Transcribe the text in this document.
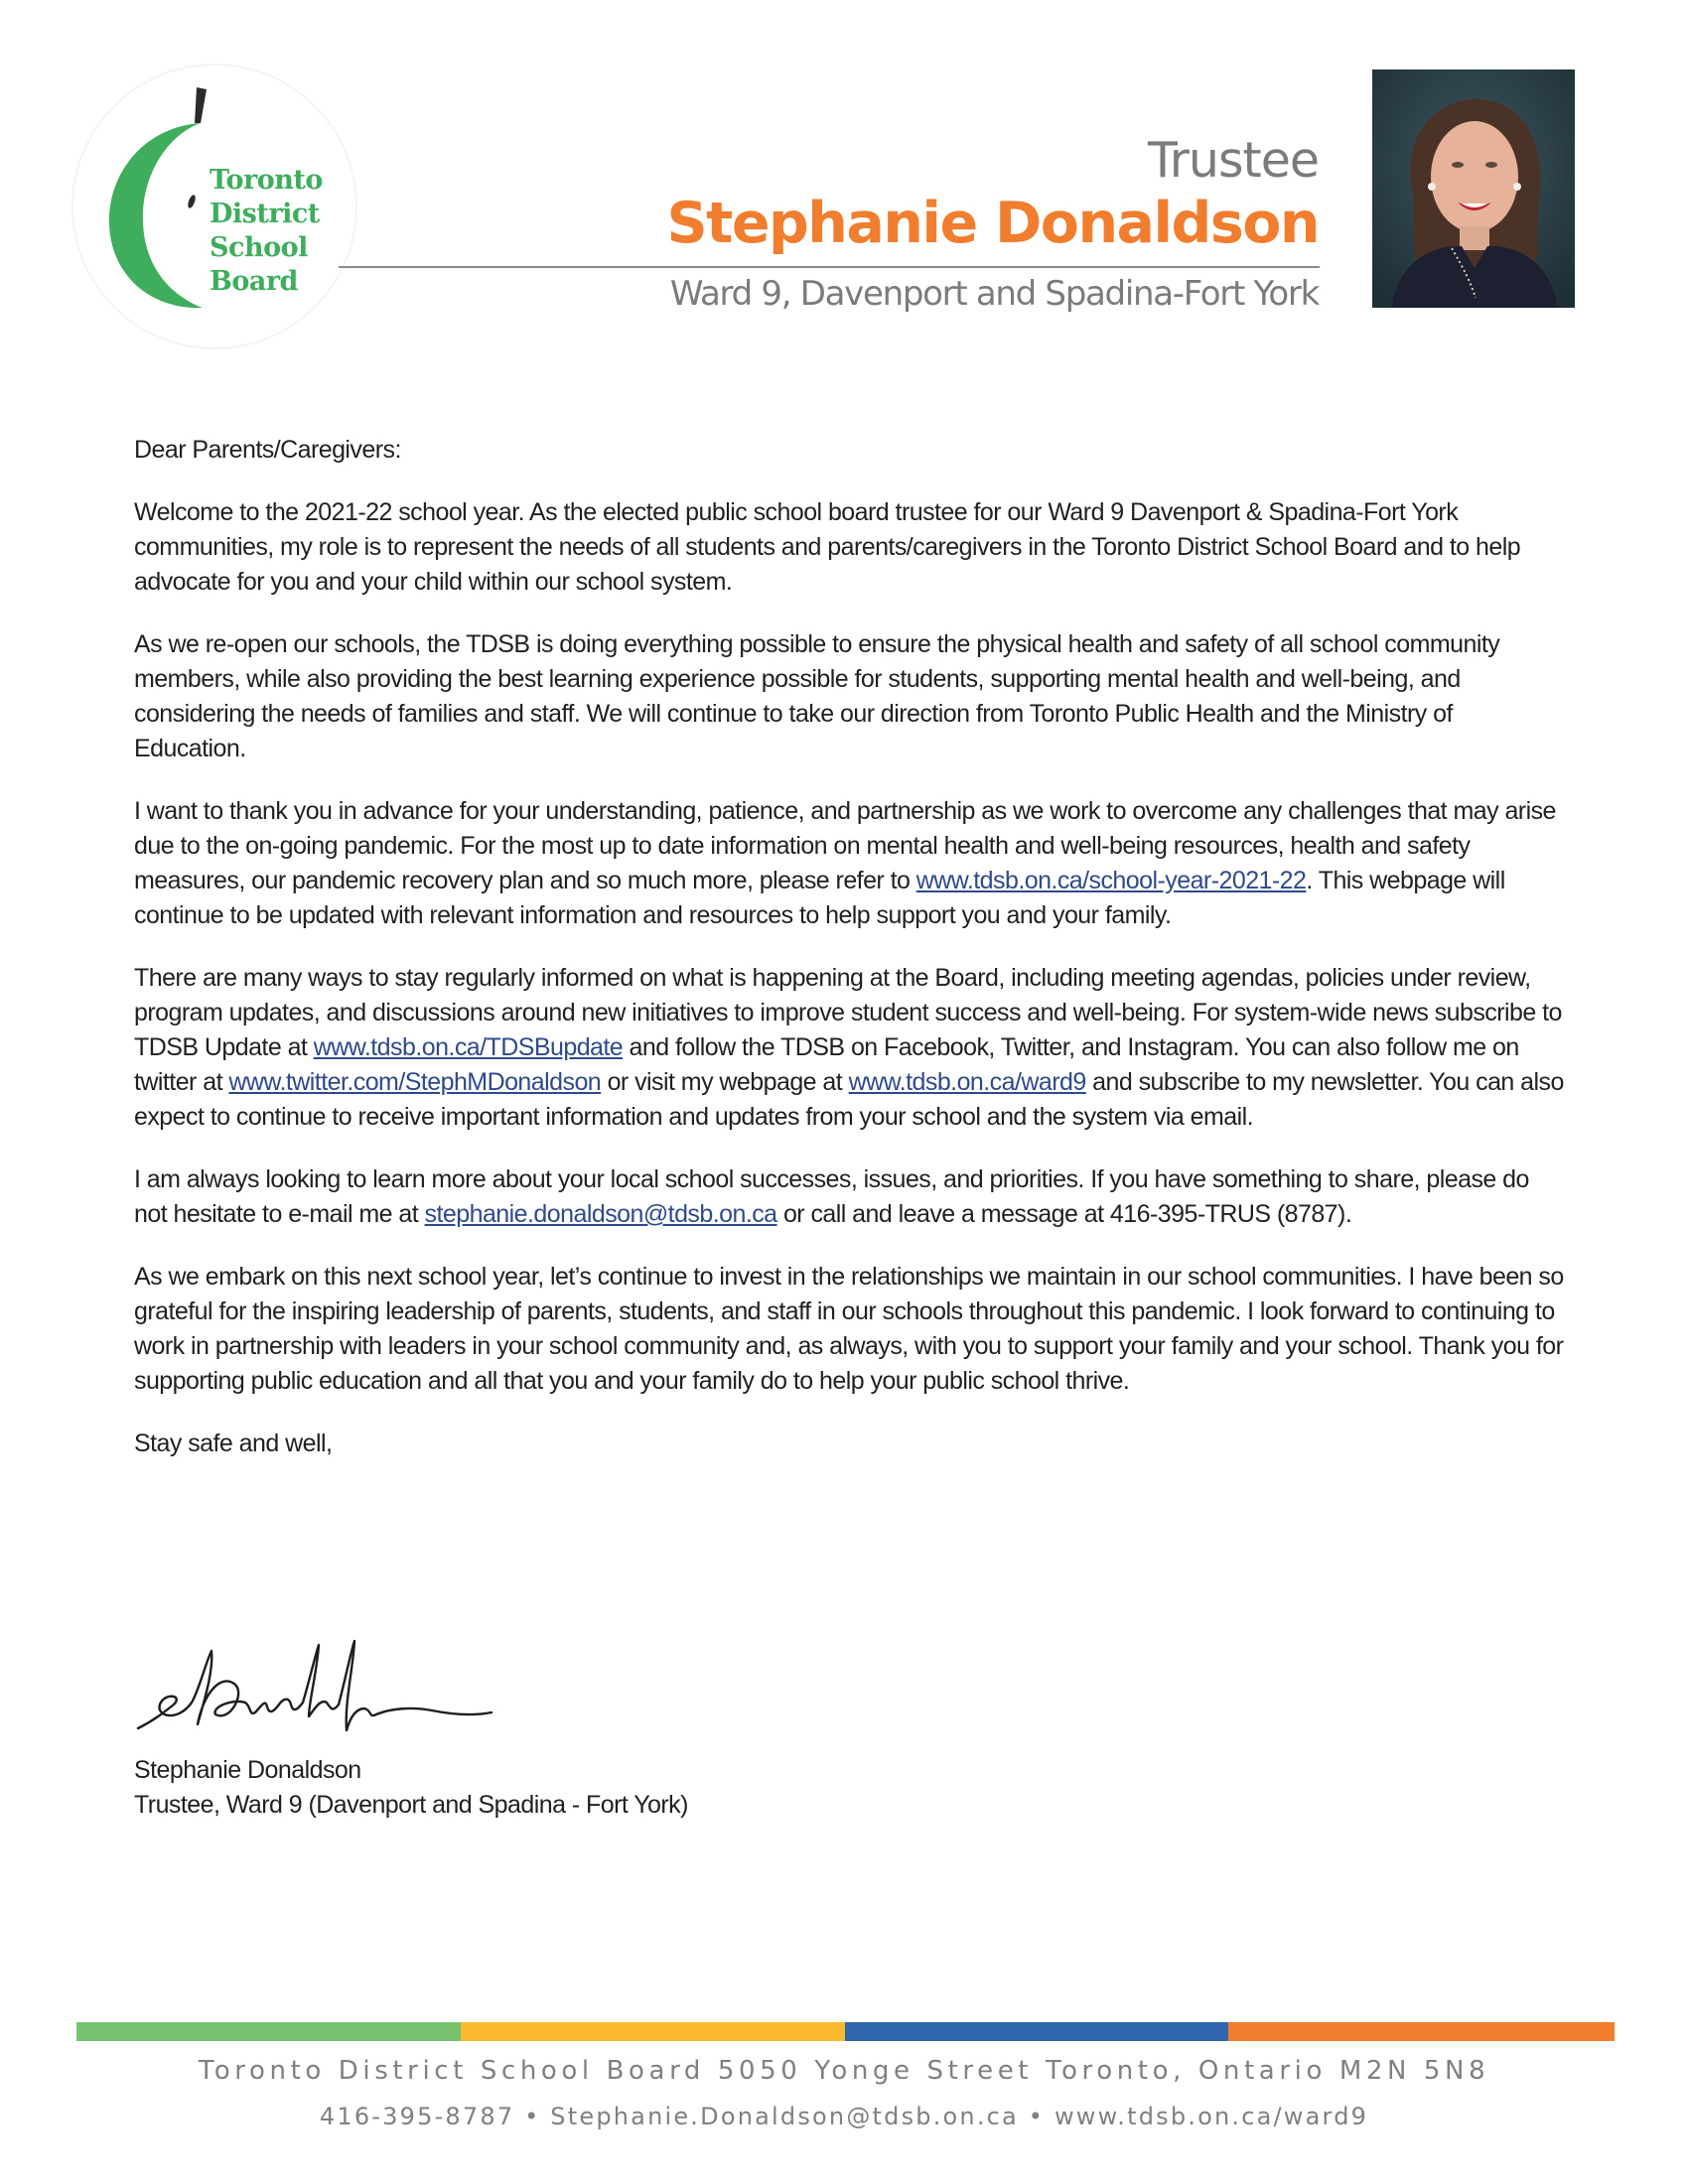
Toronto
District
School
Board
Trustee
Stephanie Donaldson
Ward 9, Davenport and Spadina-Fort York

Dear Parents/Caregivers:

Welcome to the 2021-22 school year. As the elected public school board trustee for our Ward 9 Davenport & Spadina-Fort York communities, my role is to represent the needs of all students and parents/caregivers in the Toronto District School Board and to help advocate for you and your child within our school system.

As we re-open our schools, the TDSB is doing everything possible to ensure the physical health and safety of all school community members, while also providing the best learning experience possible for students, supporting mental health and well-being, and considering the needs of families and staff. We will continue to take our direction from Toronto Public Health and the Ministry of Education.

I want to thank you in advance for your understanding, patience, and partnership as we work to overcome any challenges that may arise due to the on-going pandemic. For the most up to date information on mental health and well-being resources, health and safety measures, our pandemic recovery plan and so much more, please refer to www.tdsb.on.ca/school-year-2021-22. This webpage will continue to be updated with relevant information and resources to help support you and your family.

There are many ways to stay regularly informed on what is happening at the Board, including meeting agendas, policies under review, program updates, and discussions around new initiatives to improve student success and well-being. For system-wide news subscribe to TDSB Update at www.tdsb.on.ca/TDSBupdate and follow the TDSB on Facebook, Twitter, and Instagram. You can also follow me on twitter at www.twitter.com/StephMDonaldson or visit my webpage at www.tdsb.on.ca/ward9 and subscribe to my newsletter. You can also expect to continue to receive important information and updates from your school and the system via email.

I am always looking to learn more about your local school successes, issues, and priorities. If you have something to share, please do not hesitate to e-mail me at stephanie.donaldson@tdsb.on.ca or call and leave a message at 416-395-TRUS (8787).

As we embark on this next school year, let’s continue to invest in the relationships we maintain in our school communities. I have been so grateful for the inspiring leadership of parents, students, and staff in our schools throughout this pandemic. I look forward to continuing to work in partnership with leaders in your school community and, as always, with you to support your family and your school. Thank you for supporting public education and all that you and your family do to help your public school thrive.

Stay safe and well,

Stephanie Donaldson
Trustee, Ward 9 (Davenport and Spadina - Fort York)
Toronto District School Board 5050 Yonge Street Toronto, Ontario M2N 5N8
416-395-8787 • Stephanie.Donaldson@tdsb.on.ca • www.tdsb.on.ca/ward9
